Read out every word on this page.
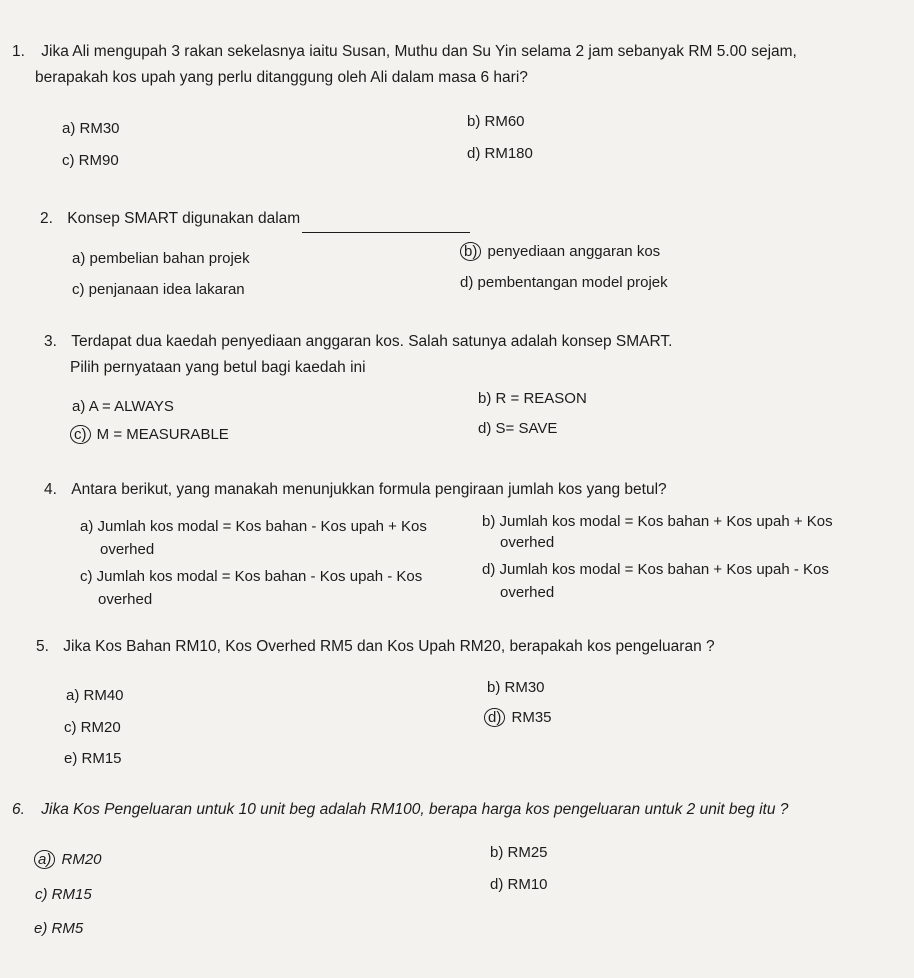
1. Jika Ali mengupah 3 rakan sekelasnya iaitu Susan, Muthu dan Su Yin selama 2 jam sebanyak RM 5.00 sejam,
berapakah kos upah yang perlu ditanggung oleh Ali dalam masa 6 hari?
a) RM30	b) RM60
c) RM90	d) RM180
2. Konsep SMART digunakan dalam
a) pembelian bahan projek	b) penyediaan anggaran kos
c) penjanaan idea lakaran	d) pembentangan model projek
3. Terdapat dua kaedah penyediaan anggaran kos. Salah satunya adalah konsep SMART.
Pilih pernyataan yang betul bagi kaedah ini
a) A = ALWAYS	b) R = REASON
c) M = MEASURABLE	d) S= SAVE
4. Antara berikut, yang manakah menunjukkan formula pengiraan jumlah kos yang betul?
a) Jumlah kos modal = Kos bahan - Kos upah + Kos
overhed
b) Jumlah kos modal = Kos bahan + Kos upah + Kos
overhed
c) Jumlah kos modal = Kos bahan - Kos upah - Kos
overhed
d) Jumlah kos modal = Kos bahan + Kos upah - Kos
overhed
5. Jika Kos Bahan RM10, Kos Overhed RM5 dan Kos Upah RM20, berapakah kos pengeluaran ?
a) RM40	b) RM30
c) RM20
d) RM35
e) RM15
6. Jika Kos Pengeluaran untuk 10 unit beg adalah RM100, berapa harga kos pengeluaran untuk 2 unit beg itu ?
a) RM20	b) RM25
c) RM15
d) RM10
e) RM5
